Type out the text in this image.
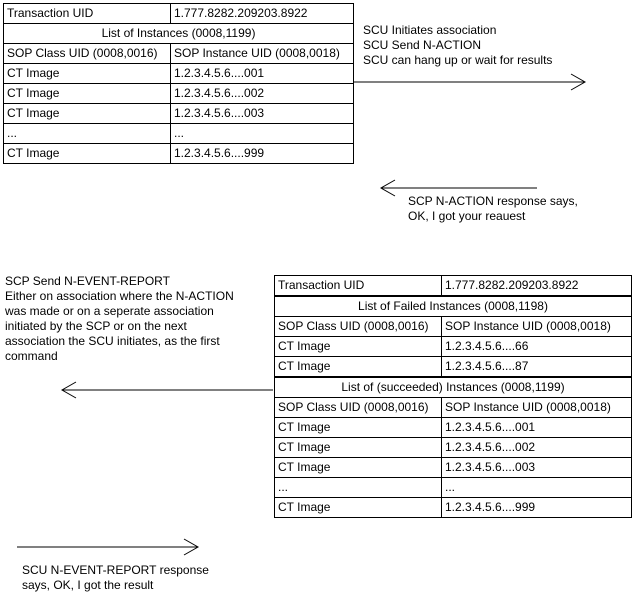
Transaction UID	1.777.8282.209203.8922
List of Instances (0008,1199)	
SOP Class UID (0008,0016)	SOP Instance UID (0008,0018)
CT Image	1.2.3.4.5.6....001
CT Image	1.2.3.4.5.6....002
CT Image	1.2.3.4.5.6....003
...	...
CT Image	1.2.3.4.5.6....999
SCU Initiates association
SCU Send N-ACTION
SCU can hang up or wait for results
SCP N-ACTION response says,
OK, I got your reauest
SCP Send N-EVENT-REPORT
Either on association where the N-ACTION
was made or on a seperate association
initiated by the SCP or on the next
association the SCU initiates, as the first
command
Transaction UID	1.777.8282.209203.8922
List of Failed Instances (0008,1198)	
SOP Class UID (0008,0016)	SOP Instance UID (0008,0018)
CT Image	1.2.3.4.5.6....66
CT Image	1.2.3.4.5.6....87
List of (succeeded) Instances (0008,1199)	
SOP Class UID (0008,0016)	SOP Instance UID (0008,0018)
CT Image	1.2.3.4.5.6....001
CT Image	1.2.3.4.5.6....002
CT Image	1.2.3.4.5.6....003
...	...
CT Image	1.2.3.4.5.6....999
SCU N-EVENT-REPORT response
says, OK, I got the result
